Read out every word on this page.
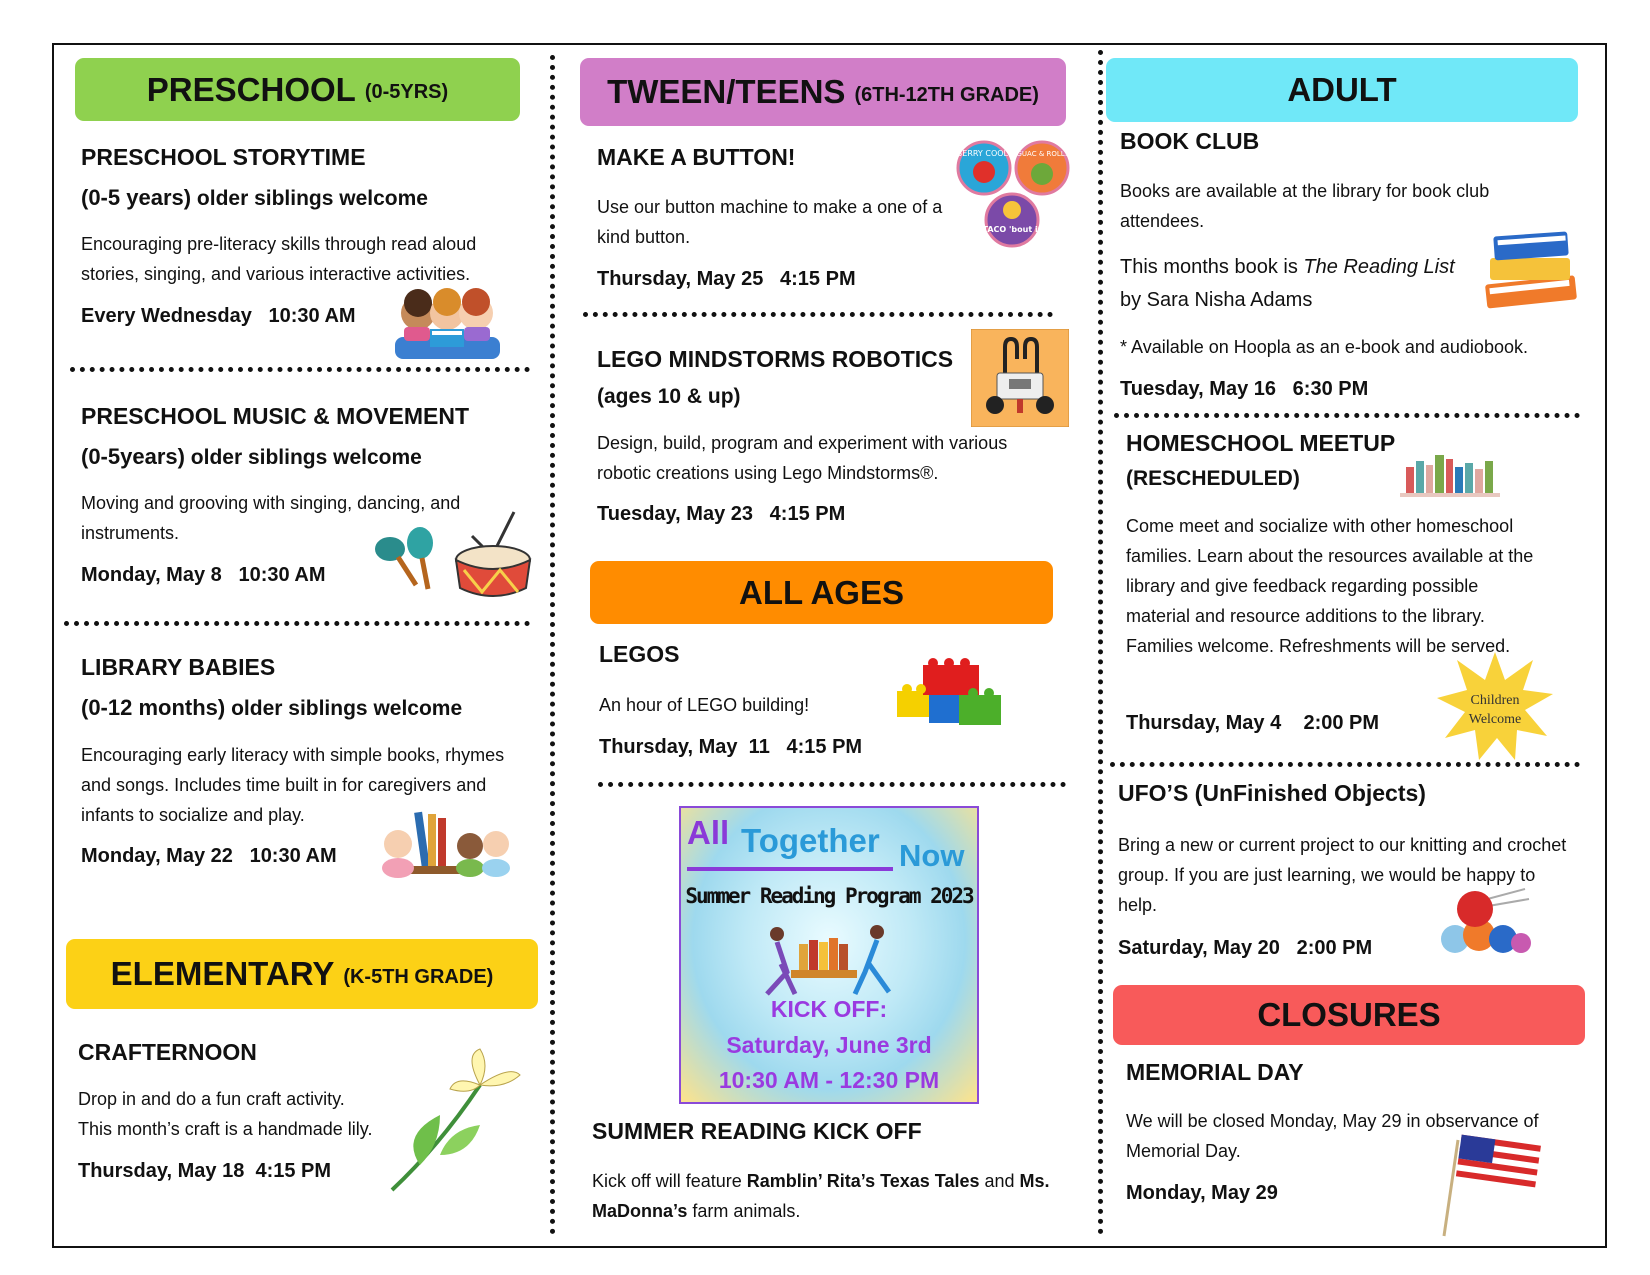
PRESCHOOL (0-5YRS)
PRESCHOOL STORYTIME
(0-5 years) older siblings welcome
Encouraging pre-literacy skills through read aloud stories, singing, and various interactive activities.
Every Wednesday   10:30 AM
PRESCHOOL MUSIC & MOVEMENT
(0-5years) older siblings welcome
Moving and grooving with singing, dancing, and instruments.
Monday, May 8   10:30 AM
LIBRARY BABIES
(0-12 months) older siblings welcome
Encouraging early literacy with simple books, rhymes and songs. Includes time built in for caregivers and infants to socialize and play.
Monday, May 22   10:30 AM
ELEMENTARY (K-5TH GRADE)
CRAFTERNOON
Drop in and do a fun craft activity.
This month’s craft is a handmade lily.
Thursday, May 18  4:15 PM
TWEEN/TEENS (6TH-12TH GRADE)
MAKE A BUTTON!
Use our button machine to make a one of a kind button.
Thursday, May 25   4:15 PM
BERRY COOL! GUAC & ROLL!
TACO 'bout it
LEGO MINDSTORMS ROBOTICS
(ages 10 & up)
Design, build, program and experiment with various robotic creations using Lego Mindstorms®.
Tuesday, May 23   4:15 PM
ALL AGES
LEGOS
An hour of LEGO building!
Thursday, May  11   4:15 PM
All Together Now
Summer Reading Program 2023
KICK OFF:
Saturday, June 3rd
10:30 AM - 12:30 PM
SUMMER READING KICK OFF
Kick off will feature Ramblin’ Rita’s Texas Tales and Ms. MaDonna’s farm animals.
ADULT
BOOK CLUB
Books are available at the library for book club attendees.
This months book is The Reading List
by Sara Nisha Adams
* Available on Hoopla as an e-book and audiobook.
Tuesday, May 16   6:30 PM
HOMESCHOOL MEETUP
(RESCHEDULED)
Come meet and socialize with other homeschool families. Learn about the resources available at the library and give feedback regarding possible material and resource additions to the library. Families welcome. Refreshments will be served.
Thursday, May 4    2:00 PM
Children
Welcome
UFO’S (UnFinished Objects)
Bring a new or current project to our knitting and crochet group. If you are just learning, we would be happy to help.
Saturday, May 20   2:00 PM
CLOSURES
MEMORIAL DAY
We will be closed Monday, May 29 in observance of Memorial Day.
Monday, May 29
